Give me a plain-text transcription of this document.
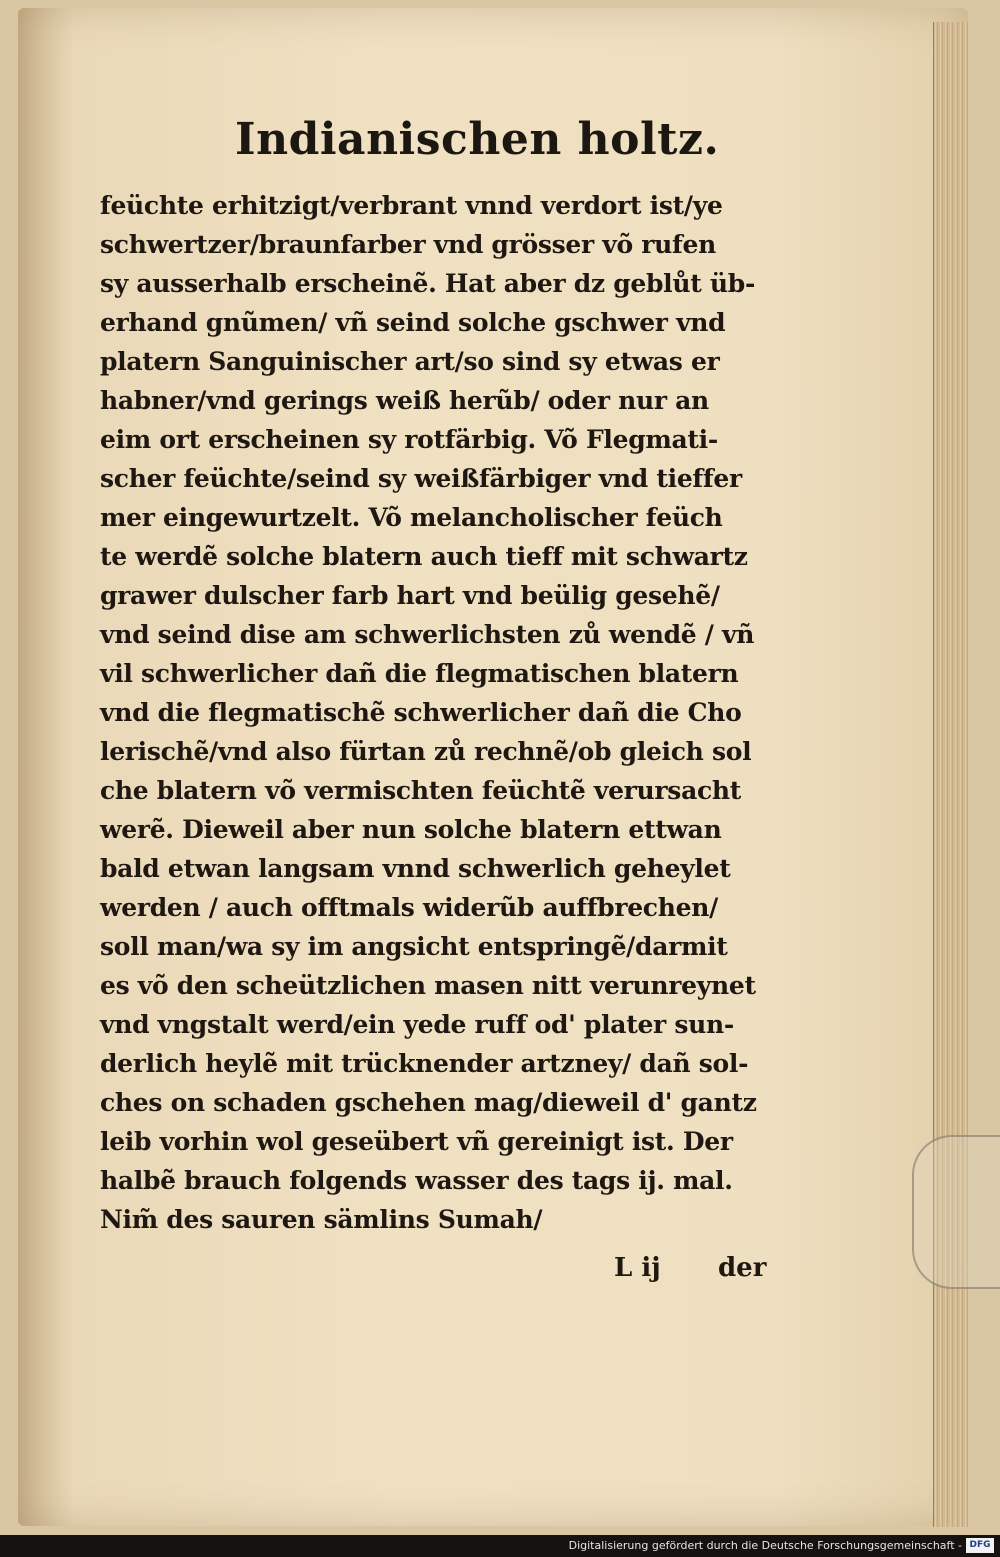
Indianischen holtz.
feüchte erhitzigt/verbrant vnnd verdort ist/ye
schwertzer/braunfarber vnd grösser võ rufen
sy ausserhalb erscheinẽ. Hat aber dz geblůt üb-
erhand gnũmen/ vñ seind solche gschwer vnd
platern Sanguinischer art/so sind sy etwas er
habner/vnd gerings weiß herũb/ oder nur an
eim ort erscheinen sy rotfärbig. Võ Flegmati-
scher feüchte/seind sy weißfärbiger vnd tieffer
mer eingewurtzelt. Võ melancholischer feüch
te werdẽ solche blatern auch tieff mit schwartz
grawer dulscher farb hart vnd beülig gesehẽ/
vnd seind dise am schwerlichsten zů wendẽ / vñ
vil schwerlicher dañ die flegmatischen blatern
vnd die flegmatischẽ schwerlicher dañ die Cho
lerischẽ/vnd also fürtan zů rechnẽ/ob gleich sol
che blatern võ vermischten feüchtẽ verursacht
werẽ. Dieweil aber nun solche blatern ettwan
bald etwan langsam vnnd schwerlich geheylet
werden / auch offtmals widerũb auffbrechen/
soll man/wa sy im angsicht entspringẽ/darmit
es võ den scheützlichen masen nitt verunreynet
vnd vngstalt werd/ein yede ruff od' plater sun-
derlich heylẽ mit trücknender artzney/ dañ sol-
ches on schaden gschehen mag/dieweil d' gantz
leib vorhin wol geseübert vñ gereinigt ist. Der
halbẽ brauch folgends wasser des tags ij. mal.
Nim̃ des sauren sämlins Sumah/
L ij der
Digitalisierung gefördert durch die Deutsche Forschungsgemeinschaft - DFG
